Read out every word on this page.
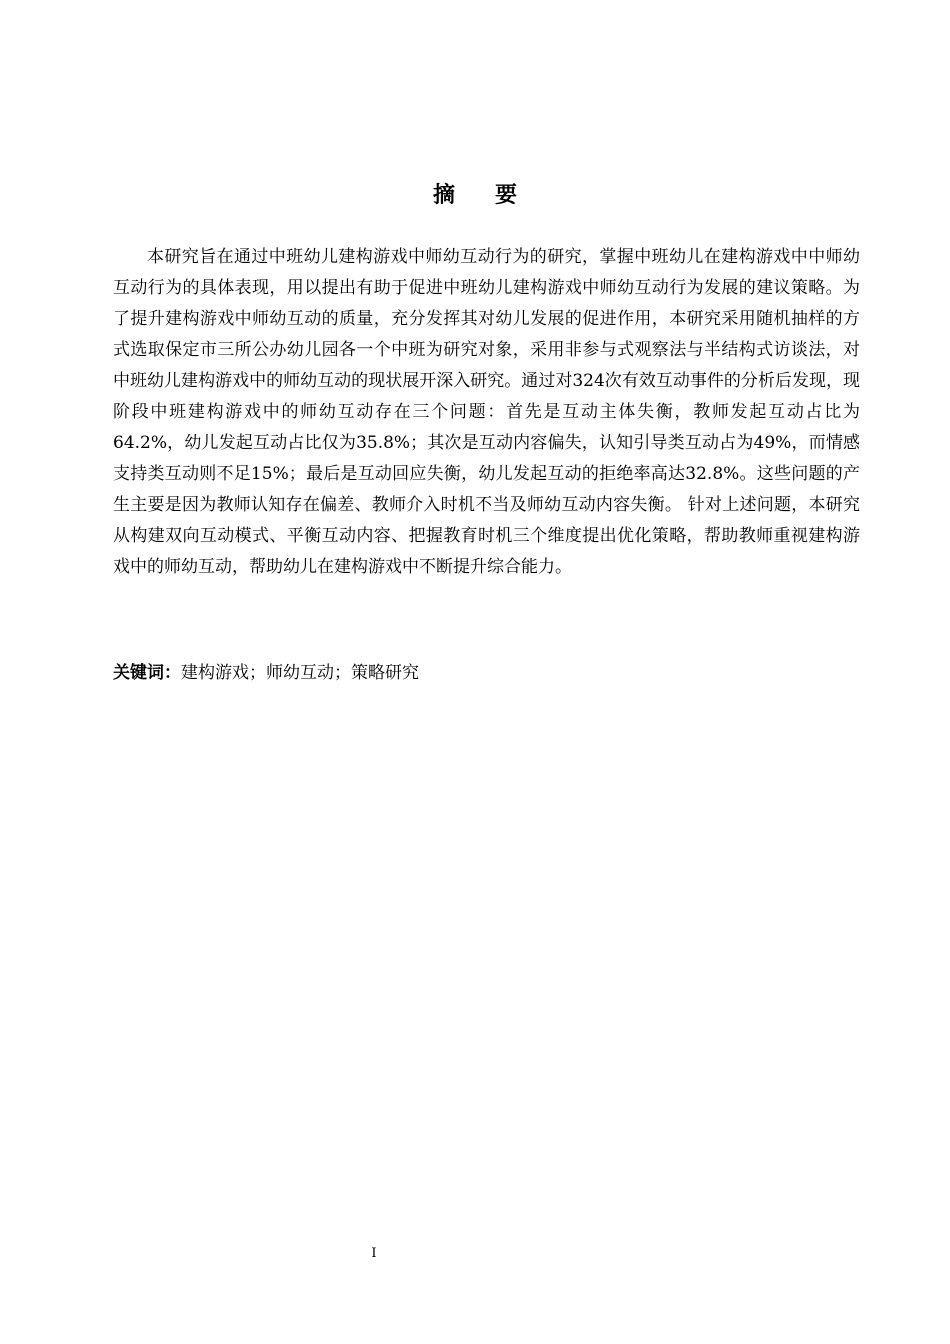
摘 要

本研究旨在通过中班幼儿建构游戏中师幼互动行为的研究，掌握中班幼儿在建构游戏中中师幼互动行为的具体表现，用以提出有助于促进中班幼儿建构游戏中师幼互动行为发展的建议策略。为了提升建构游戏中师幼互动的质量，充分发挥其对幼儿发展的促进作用，本研究采用随机抽样的方式选取保定市三所公办幼儿园各一个中班为研究对象，采用非参与式观察法与半结构式访谈法，对中班幼儿建构游戏中的师幼互动的现状展开深入研究。通过对324次有效互动事件的分析后发现，现阶段中班建构游戏中的师幼互动存在三个问题：首先是互动主体失衡，教师发起互动占比为64.2%，幼儿发起互动占比仅为35.8%；其次是互动内容偏失，认知引导类互动占为49%，而情感支持类互动则不足15%；最后是互动回应失衡，幼儿发起互动的拒绝率高达32.8%。这些问题的产生主要是因为教师认知存在偏差、教师介入时机不当及师幼互动内容失衡。 针对上述问题，本研究从构建双向互动模式、平衡互动内容、把握教育时机三个维度提出优化策略，帮助教师重视建构游戏中的师幼互动，帮助幼儿在建构游戏中不断提升综合能力。

关键词：建构游戏；师幼互动；策略研究

I
